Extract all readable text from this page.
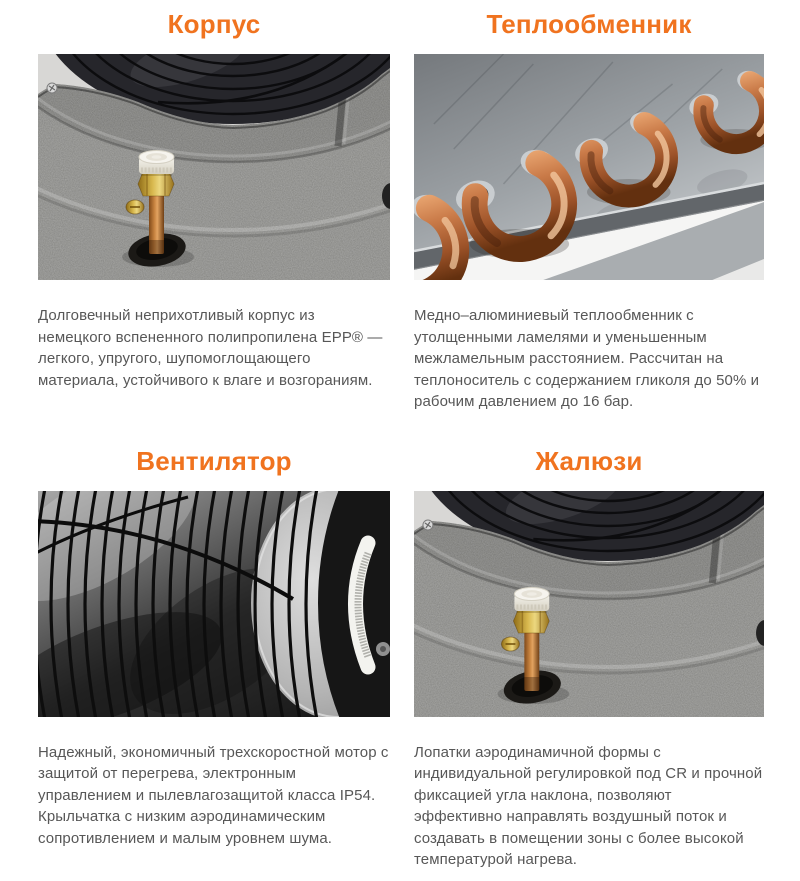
Корпус

Долговечный неприхотливый корпус из немецкого вспененного полипропилена EPP® — легкого, упругого, шупомоглощающего материала, устойчивого к влаге и возгораниям.

Теплообменник

Медно–алюминиевый теплообменник с утолщенными ламелями и уменьшенным межламельным расстоянием. Рассчитан на теплоноситель с содержанием гликоля до 50% и рабочим давлением до 16 бар.

Вентилятор

Надежный, экономичный трехскоростной мотор с защитой от перегрева, электронным управлением и пылевлагозащитой класса IP54. Крыльчатка с низким аэродинамическим сопротивлением и малым уровнем шума.

Жалюзи

Лопатки аэродинамичной формы с индивидуальной регулировкой под CR и прочной фиксацией угла наклона, позволяют эффективно направлять воздушный поток и создавать в помещении зоны с более высокой температурой нагрева.
